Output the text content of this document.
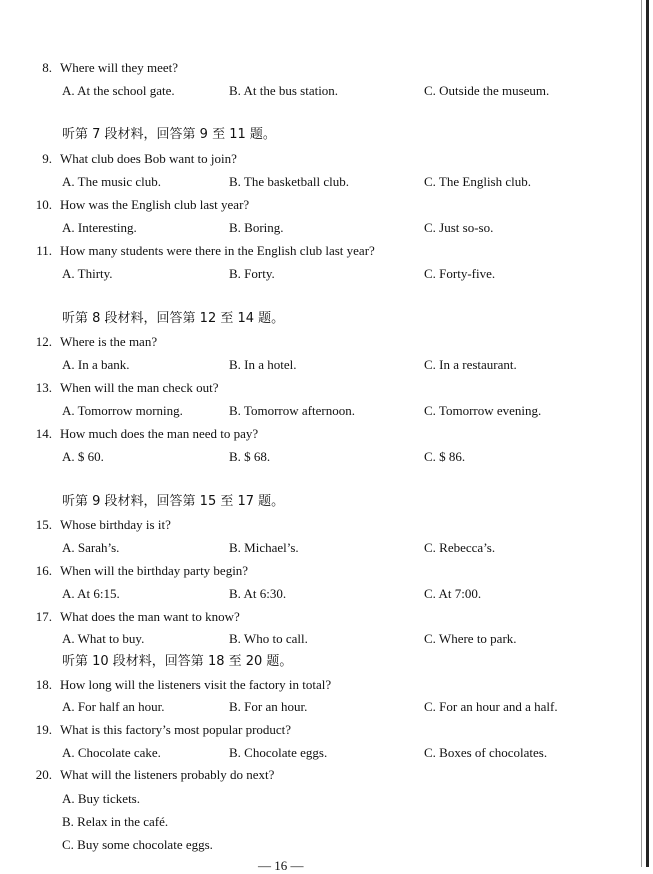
8. Where will they meet?
A. At the school gate.	B. At the bus station.	C. Outside the museum.
听第 7 段材料，回答第 9 至 11 题。
9. What club does Bob want to join?
A. The music club.	B. The basketball club.	C. The English club.
10. How was the English club last year?
A. Interesting.	B. Boring.	C. Just so-so.
11. How many students were there in the English club last year?
A. Thirty.	B. Forty.	C. Forty-five.
听第 8 段材料，回答第 12 至 14 题。
12. Where is the man?
A. In a bank.	B. In a hotel.	C. In a restaurant.
13. When will the man check out?
A. Tomorrow morning.	B. Tomorrow afternoon.	C. Tomorrow evening.
14. How much does the man need to pay?
A. $ 60.	B. $ 68.	C. $ 86.
听第 9 段材料，回答第 15 至 17 题。
15. Whose birthday is it?
A. Sarah’s.	B. Michael’s.	C. Rebecca’s.
16. When will the birthday party begin?
A. At 6:15.	B. At 6:30.	C. At 7:00.
17. What does the man want to know?
A. What to buy.	B. Who to call.	C. Where to park.
听第 10 段材料，回答第 18 至 20 题。
18. How long will the listeners visit the factory in total?
A. For half an hour.	B. For an hour.	C. For an hour and a half.
19. What is this factory’s most popular product?
A. Chocolate cake.	B. Chocolate eggs.	C. Boxes of chocolates.
20. What will the listeners probably do next?
A. Buy tickets.
B. Relax in the café.
C. Buy some chocolate eggs.
— 16 —
